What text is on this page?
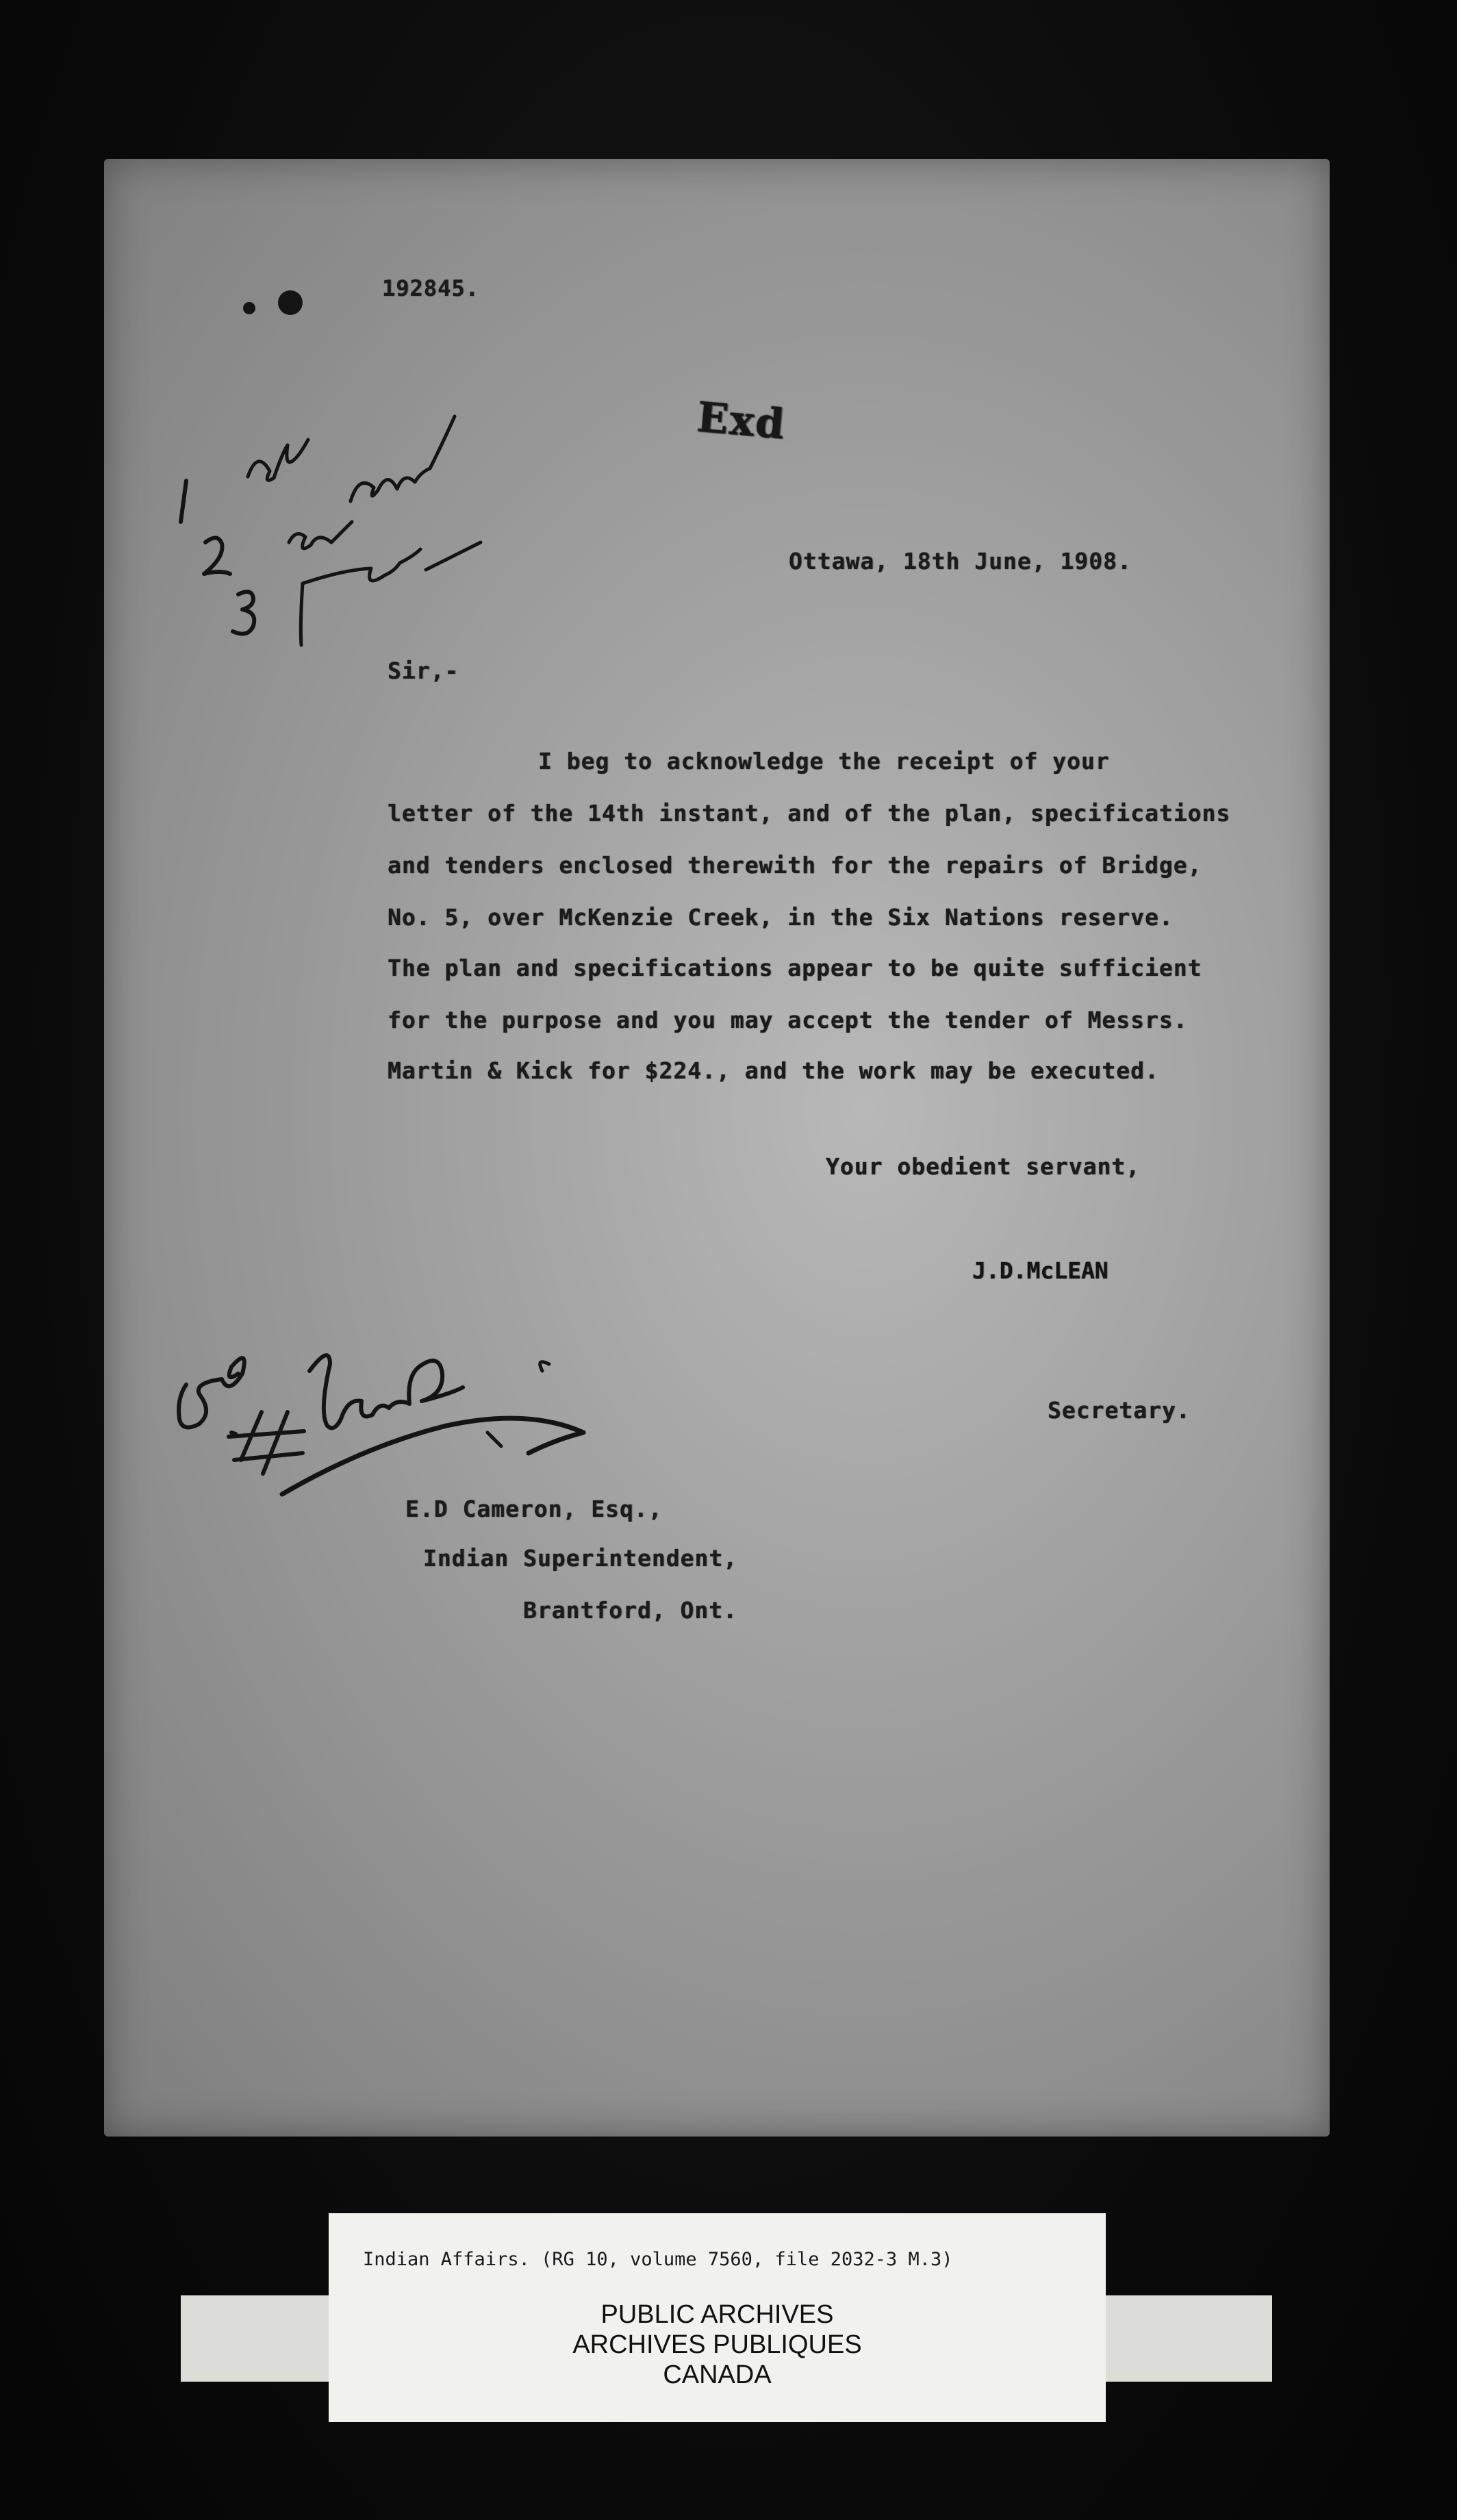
192845.
Exd
Ottawa, 18th June, 1908.
Sir,-
I beg to acknowledge the receipt of your
letter of the 14th instant, and of the plan, specifications
and tenders enclosed therewith for the repairs of Bridge,
No. 5, over McKenzie Creek, in the Six Nations reserve.
The plan and specifications appear to be quite sufficient
for the purpose and you may accept the tender of Messrs.
Martin & Kick for $224., and the work may be executed.
Your obedient servant,
J.D.McLEAN
Secretary.
E.D Cameron, Esq.,
Indian Superintendent,
Brantford, Ont.
Indian Affairs. (RG 10, volume 7560, file 2032-3 M.3)
PUBLIC ARCHIVES
ARCHIVES PUBLIQUES
CANADA
